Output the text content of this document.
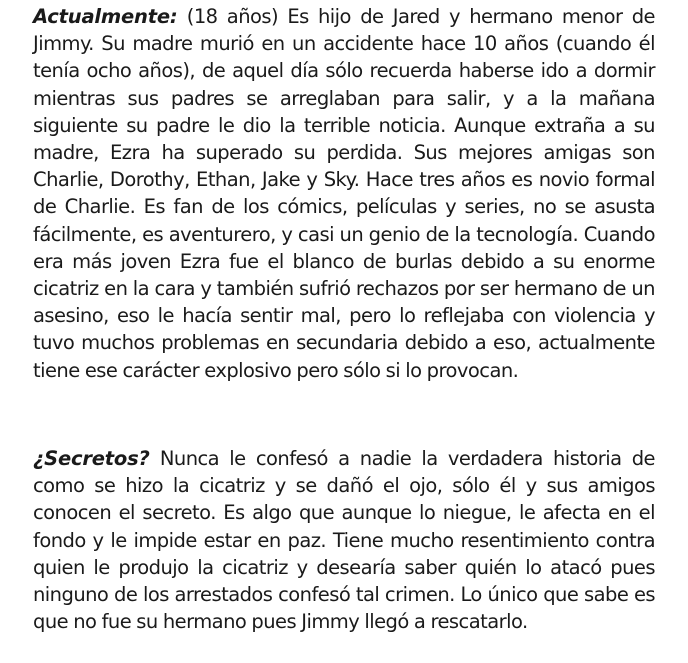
Actualmente: (18 años) Es hijo de Jared y hermano menor de Jimmy. Su madre murió en un accidente hace 10 años (cuando él tenía ocho años), de aquel día sólo recuerda haberse ido a dormir mientras sus padres se arreglaban para salir, y a la mañana siguiente su padre le dio la terrible noticia. Aunque extraña a su madre, Ezra ha superado su perdida. Sus mejores amigas son Charlie, Dorothy, Ethan, Jake y Sky. Hace tres años es novio formal de Charlie. Es fan de los cómics, películas y series, no se asusta fácilmente, es aventurero, y casi un genio de la tecnología. Cuando era más joven Ezra fue el blanco de burlas debido a su enorme cicatriz en la cara y también sufrió rechazos por ser hermano de un asesino, eso le hacía sentir mal, pero lo reflejaba con violencia y tuvo muchos problemas en secundaria debido a eso, actualmente tiene ese carácter explosivo pero sólo si lo provocan.

¿Secretos? Nunca le confesó a nadie la verdadera historia de como se hizo la cicatriz y se dañó el ojo, sólo él y sus amigos conocen el secreto. Es algo que aunque lo niegue, le afecta en el fondo y le impide estar en paz. Tiene mucho resentimiento contra quien le produjo la cicatriz y desearía saber quién lo atacó pues ninguno de los arrestados confesó tal crimen. Lo único que sabe es que no fue su hermano pues Jimmy llegó a rescatarlo.
